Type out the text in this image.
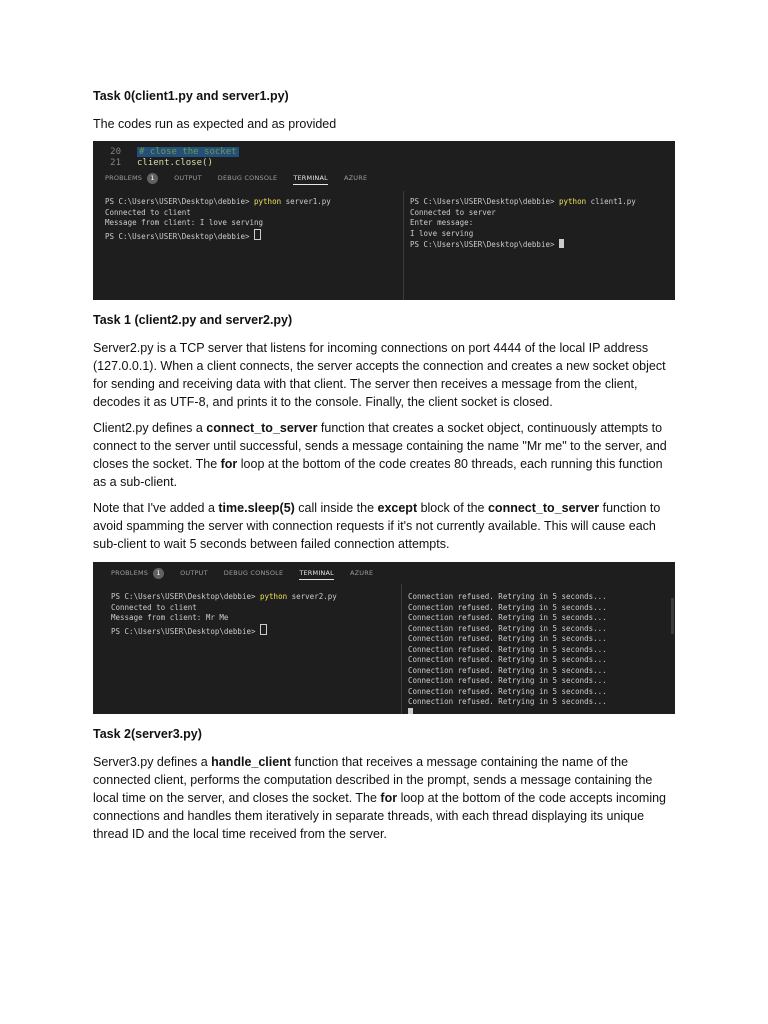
Task 0(client1.py and server1.py)

The codes run as expected and as provided

20 # close the socket
21 client.close()
PROBLEMS	1	OUTPUT DEBUG CONSOLE TERMINAL AZURE
PS C:\Users\USER\Desktop\debbie> python server1.py
Connected to client
Message from client: I love serving
PS C:\Users\USER\Desktop\debbie>
PS C:\Users\USER\Desktop\debbie> python client1.py
Connected to server
Enter message:
I love serving
PS C:\Users\USER\Desktop\debbie>

Task 1 (client2.py and server2.py)

Server2.py is a TCP server that listens for incoming connections on port 4444 of the local IP address (127.0.0.1). When a client connects, the server accepts the connection and creates a new socket object for sending and receiving data with that client. The server then receives a message from the client, decodes it as UTF-8, and prints it to the console. Finally, the client socket is closed.

Client2.py defines a connect_to_server function that creates a socket object, continuously attempts to connect to the server until successful, sends a message containing the name "Mr me" to the server, and closes the socket. The for loop at the bottom of the code creates 80 threads, each running this function as a sub-client.

Note that I've added a time.sleep(5) call inside the except block of the connect_to_server function to avoid spamming the server with connection requests if it's not currently available. This will cause each sub-client to wait 5 seconds between failed connection attempts.

PROBLEMS	1	OUTPUT DEBUG CONSOLE TERMINAL AZURE
PS C:\Users\USER\Desktop\debbie> python server2.py
Connected to client
Message from client: Mr Me
PS C:\Users\USER\Desktop\debbie>
Connection refused. Retrying in 5 seconds...
Connection refused. Retrying in 5 seconds...
Connection refused. Retrying in 5 seconds...
Connection refused. Retrying in 5 seconds...
Connection refused. Retrying in 5 seconds...
Connection refused. Retrying in 5 seconds...
Connection refused. Retrying in 5 seconds...
Connection refused. Retrying in 5 seconds...
Connection refused. Retrying in 5 seconds...
Connection refused. Retrying in 5 seconds...
Connection refused. Retrying in 5 seconds...

Task 2(server3.py)

Server3.py defines a handle_client function that receives a message containing the name of the connected client, performs the computation described in the prompt, sends a message containing the local time on the server, and closes the socket. The for loop at the bottom of the code accepts incoming connections and handles them iteratively in separate threads, with each thread displaying its unique thread ID and the local time received from the server.
